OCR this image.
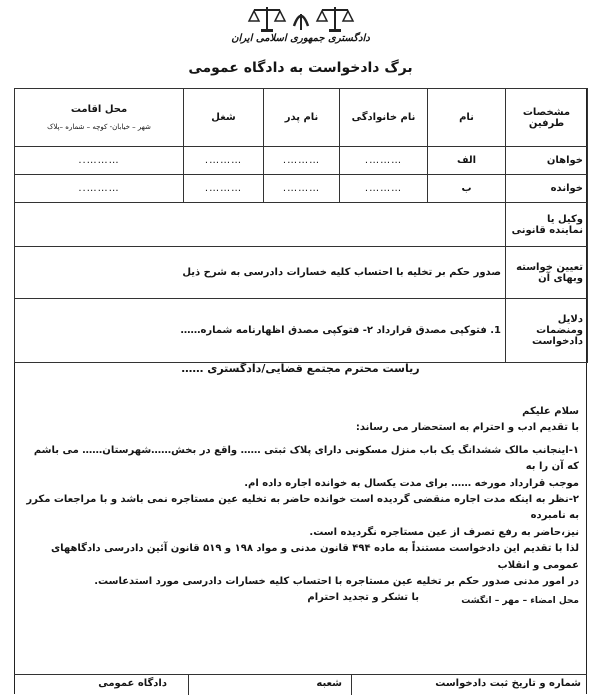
دادگستری جمهوری اسلامی ایران
برگ دادخواست به دادگاه عمومی
مشخصات طرفین	نام	نام خانوادگی	نام پدر	شغل	محل اقامت
شهر – خیابان- کوچه – شماره –پلاک

خواهان	الف	……….	……….	……….	………..
خوانده	ب	……….	……….	……….	………..
وکیل یا نماینده قانونی					
تعیین خواسته وبهای آن	صدور حکم بر تخلیه با احتساب کلیه خسارات دادرسی به شرح ذیل				
دلایل ومنضمات دادخواست	1. فتوکپی مصدق قرارداد ۲- فتوکپی مصدق اظهارنامه شماره……				
ریاست محترم مجتمع قضایی/دادگستری ……

سلام علیکم

با تقدیم ادب و احترام به استحضار می رساند:

۱-اینجانب مالک ششدانگ یک باب منزل مسکونی دارای پلاک ثبتی …… واقع در بخش……شهرستان…… می باشم که آن را به

موجب قرارداد مورخه …… برای مدت یکسال به خوانده اجاره داده ام.

۲-نظر به اینکه مدت اجاره منقضی گردیده است خوانده حاضر به تخلیه عین مستاجره نمی باشد و با مراجعات مکرر به نامبرده

نیز،حاضر به رفع تصرف از عین مستاجره نگردیده است.

لذا با تقدیم این دادخواست مستنداً به ماده ۴۹۴ قانون مدنی و مواد ۱۹۸ و ۵۱۹ قانون آئین دادرسی دادگاههای عمومی و انقلاب

در امور مدنی صدور حکم بر تخلیه عین مستاجره با احتساب کلیه خسارات دادرسی مورد استدعاست.

با تشکر و تجدید احترام	محل امضاء – مهر – انگشت
شماره و تاریخ ثبت دادخواست
شعبه
دادگاه عمومی
